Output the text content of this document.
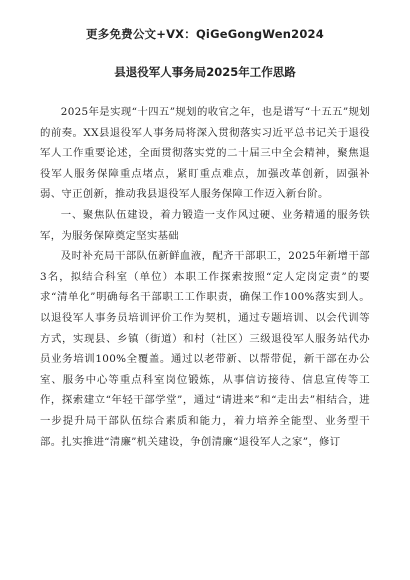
更多免费公文+VX：QiGeGongWen2024
县退役军人事务局2025年工作思路

2025年是实现“十四五”规划的收官之年，也是谱写“十五五”规划的前奏。XX县退役军人事务局将深入贯彻落实习近平总书记关于退役军人工作重要论述，全面贯彻落实党的二十届三中全会精神，聚焦退役军人服务保障重点堵点，紧盯重点难点，加强改革创新，固强补弱、守正创新，推动我县退役军人服务保障工作迈入新台阶。

一、聚焦队伍建设，着力锻造一支作风过硬、业务精通的服务铁军，为服务保障奠定坚实基础

及时补充局干部队伍新鲜血液，配齐干部职工，2025年新增干部3名，拟结合科室（单位）本职工作探索按照“定人定岗定责”的要求“清单化”明确每名干部职工工作职责，确保工作100%落实到人。以退役军人事务员培训评价工作为契机，通过专题培训、以会代训等方式，实现县、乡镇（街道）和村（社区）三级退役军人服务站代办员业务培训100%全覆盖。通过以老带新、以帮带促，新干部在办公室、服务中心等重点科室岗位锻炼，从事信访接待、信息宣传等工作，探索建立“年轻干部学堂”，通过“请进来”和“走出去”相结合，进一步提升局干部队伍综合素质和能力，着力培养全能型、业务型干部。扎实推进“清廉”机关建设，争创清廉“退役军人之家”，修订
